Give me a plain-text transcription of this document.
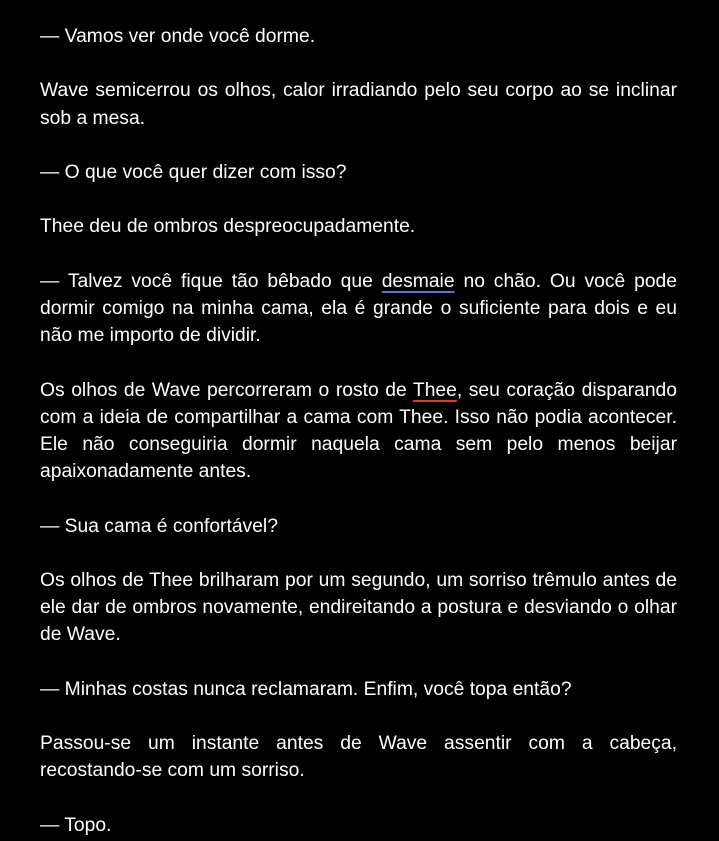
— Vamos ver onde você dorme.

Wave semicerrou os olhos, calor irradiando pelo seu corpo ao se inclinar sob a mesa.

— O que você quer dizer com isso?

Thee deu de ombros despreocupadamente.

— Talvez você fique tão bêbado que desmaie no chão. Ou você pode dormir comigo na minha cama, ela é grande o suficiente para dois e eu não me importo de dividir.

Os olhos de Wave percorreram o rosto de Thee, seu coração disparando com a ideia de compartilhar a cama com Thee. Isso não podia acontecer. Ele não conseguiria dormir naquela cama sem pelo menos beijar apaixonadamente antes.

— Sua cama é confortável?

Os olhos de Thee brilharam por um segundo, um sorriso trêmulo antes de ele dar de ombros novamente, endireitando a postura e desviando o olhar de Wave.

— Minhas costas nunca reclamaram. Enfim, você topa então?

Passou-se um instante antes de Wave assentir com a cabeça, recostando-se com um sorriso.

— Topo.
